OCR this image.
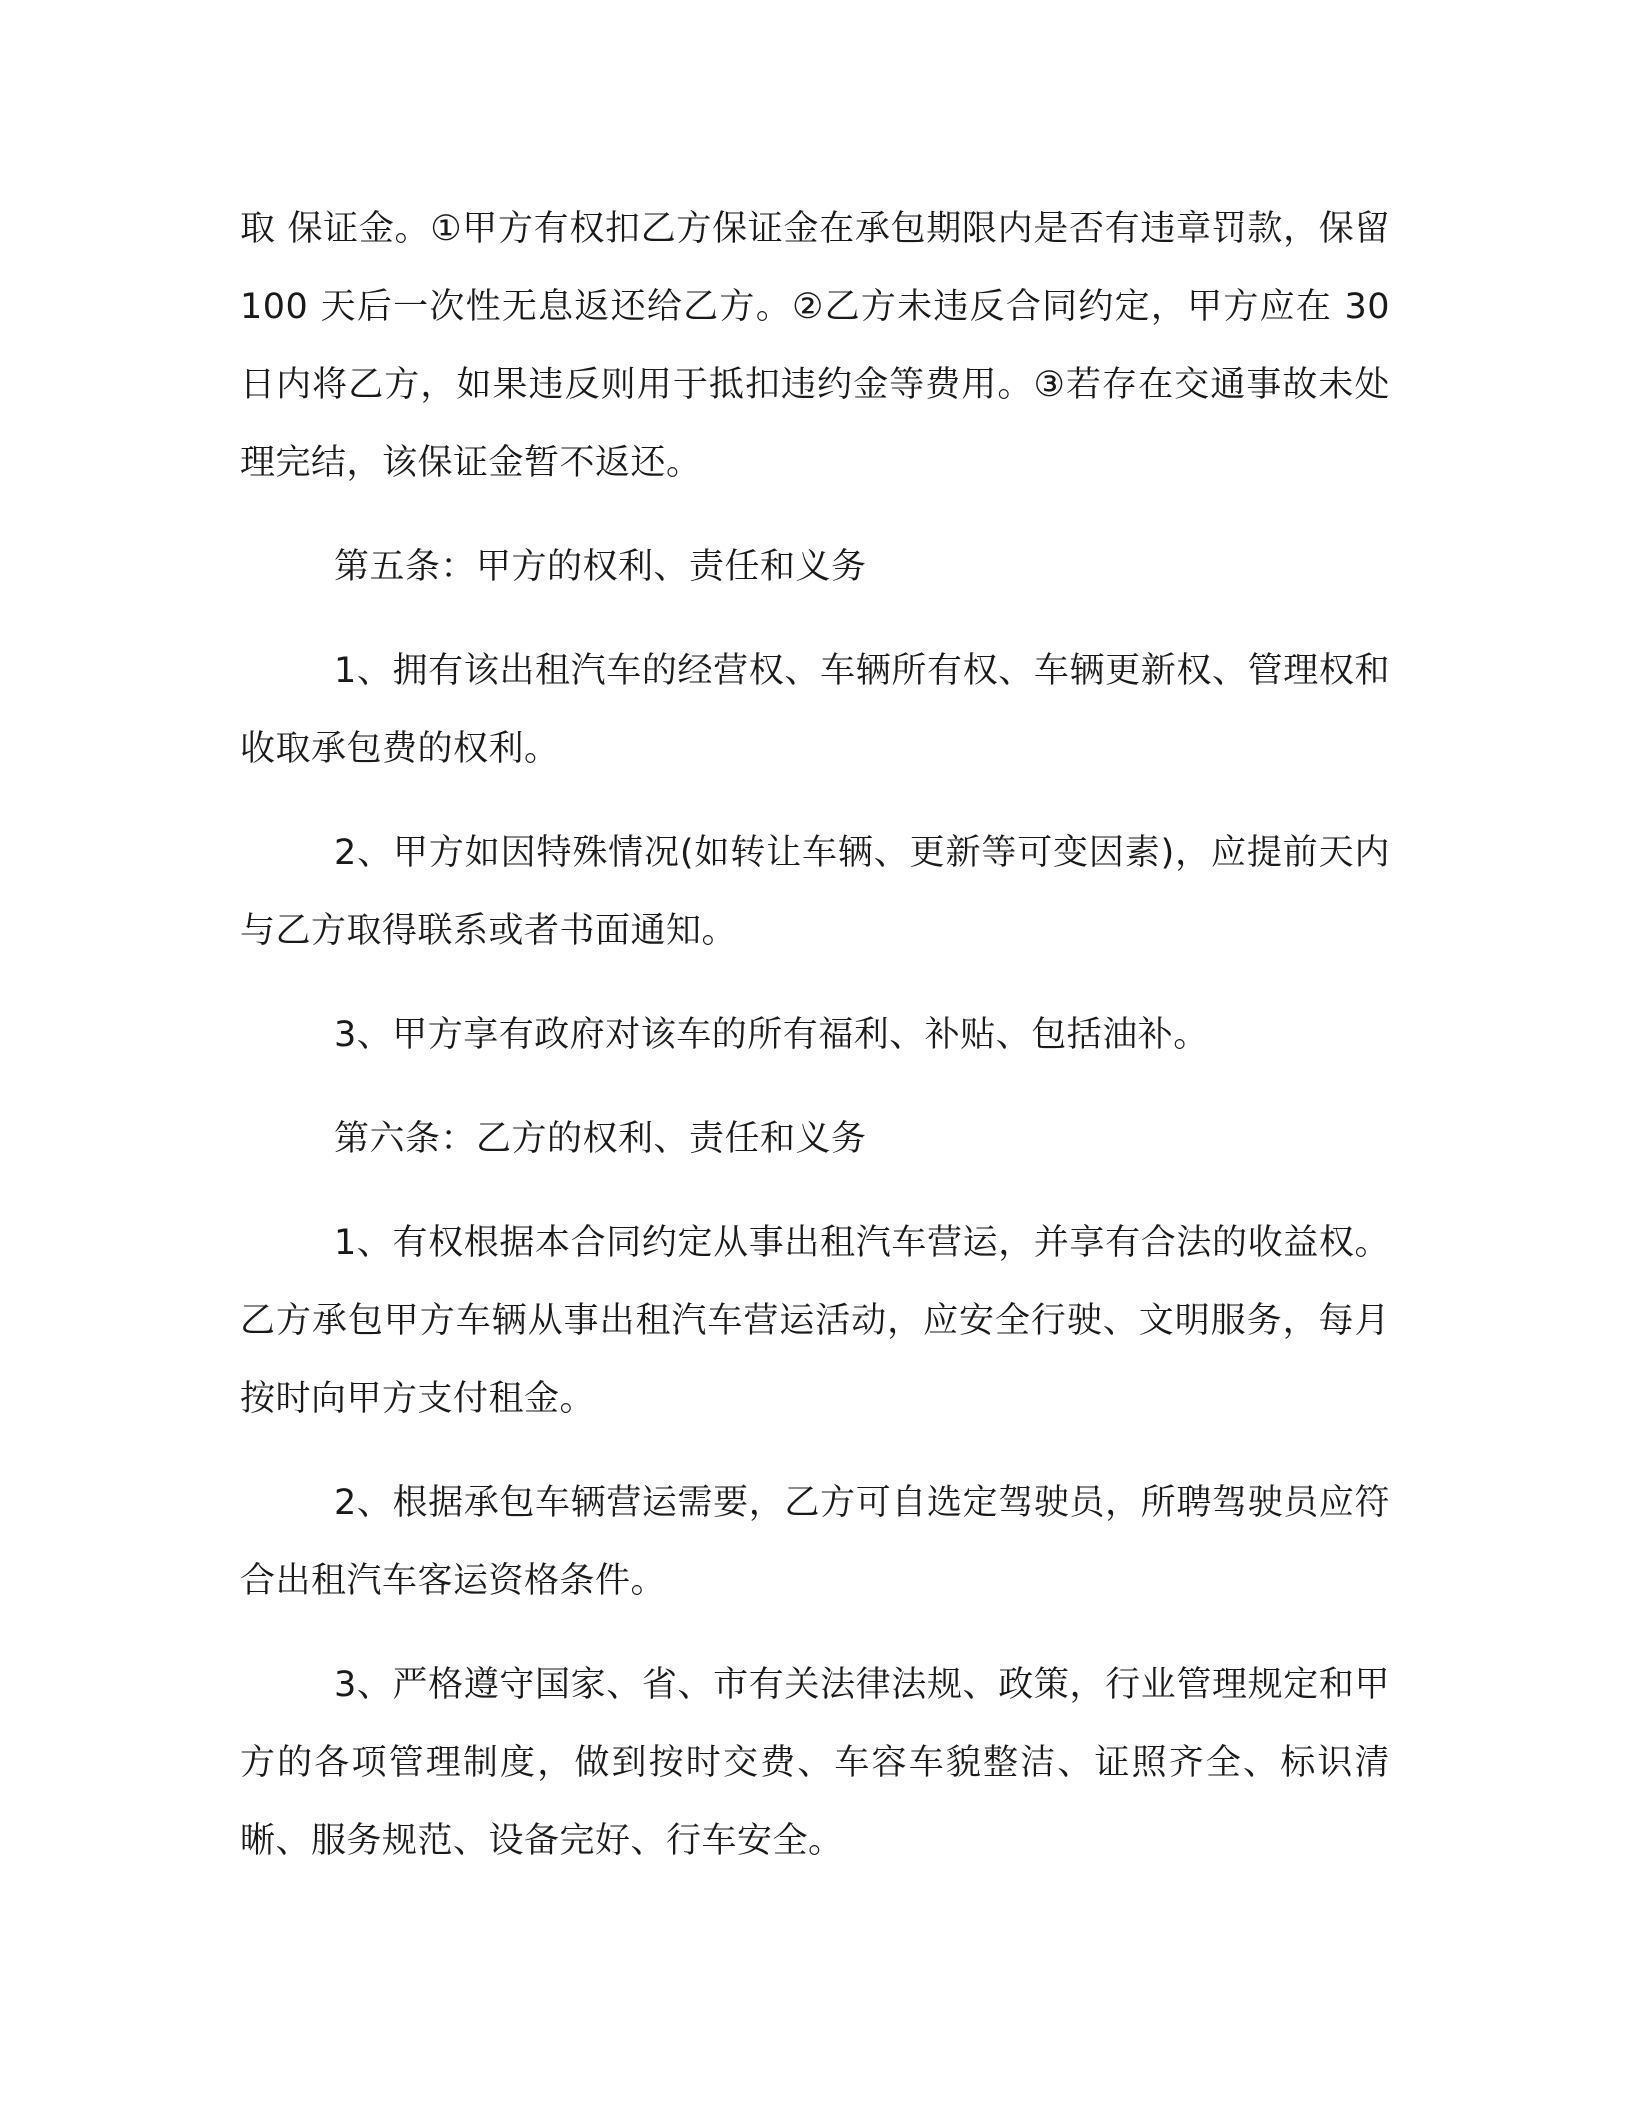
取 保证金。①甲方有权扣乙方保证金在承包期限内是否有违章罚款，保留 100 天后一次性无息返还给乙方。②乙方未违反合同约定，甲方应在 30 日内将乙方，如果违反则用于抵扣违约金等费用。③若存在交通事故未处理完结，该保证金暂不返还。

第五条：甲方的权利、责任和义务

1、拥有该出租汽车的经营权、车辆所有权、车辆更新权、管理权和收取承包费的权利。

2、甲方如因特殊情况(如转让车辆、更新等可变因素)，应提前天内与乙方取得联系或者书面通知。

3、甲方享有政府对该车的所有福利、补贴、包括油补。

第六条：乙方的权利、责任和义务

1、有权根据本合同约定从事出租汽车营运，并享有合法的收益权。乙方承包甲方车辆从事出租汽车营运活动，应安全行驶、文明服务，每月按时向甲方支付租金。

2、根据承包车辆营运需要，乙方可自选定驾驶员，所聘驾驶员应符合出租汽车客运资格条件。

3、严格遵守国家、省、市有关法律法规、政策，行业管理规定和甲方的各项管理制度，做到按时交费、车容车貌整洁、证照齐全、标识清晰、服务规范、设备完好、行车安全。
